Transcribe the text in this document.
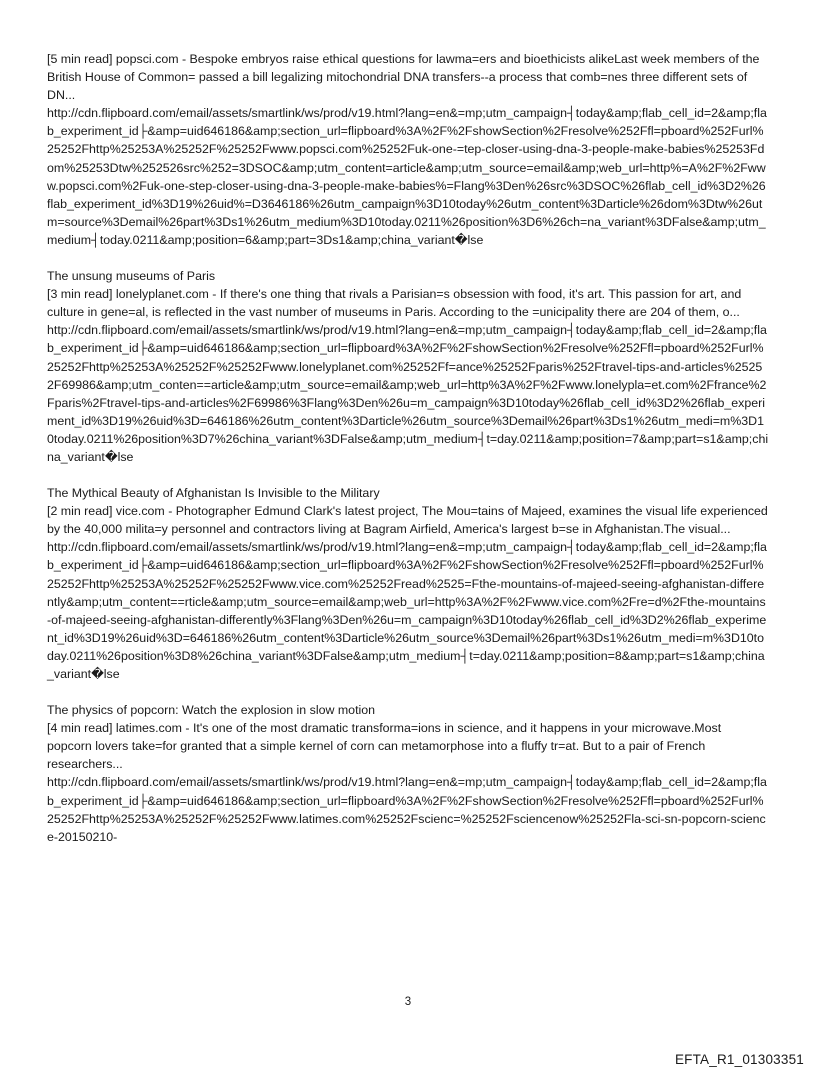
[5 min read] popsci.com - Bespoke embryos raise ethical questions for lawma=ers and bioethicists alikeLast week members of the British House of Common= passed a bill legalizing mitochondrial DNA transfers--a process that comb=nes three different sets of DN...

http://cdn.flipboard.com/email/assets/smartlink/ws/prod/v19.html?lang=en&=mp;utm_campaign┤today&amp;flab_cell_id=2&amp;flab_experiment_id├&amp=uid646186&amp;section_url=flipboard%3A%2F%2FshowSection%2Fresolve%252Ffl=pboard%252Furl%25252Fhttp%25253A%25252F%25252Fwww.popsci.com%25252Fuk-one-=tep-closer-using-dna-3-people-make-babies%25253Fdom%25253Dtw%252526src%252=3DSOC&amp;utm_content=article&amp;utm_source=email&amp;web_url=http%=A%2F%2Fwww.popsci.com%2Fuk-one-step-closer-using-dna-3-people-make-babies%=Flang%3Den%26src%3DSOC%26flab_cell_id%3D2%26flab_experiment_id%3D19%26uid%=D3646186%26utm_campaign%3D10today%26utm_content%3Darticle%26dom%3Dtw%26utm=source%3Demail%26part%3Ds1%26utm_medium%3D10today.0211%26position%3D6%26ch=na_variant%3DFalse&amp;utm_medium┤today.0211&amp;position=6&amp;part=3Ds1&amp;china_variant�lse

The unsung museums of Paris

[3 min read] lonelyplanet.com - If there's one thing that rivals a Parisian=s obsession with food, it's art. This passion for art, and culture in gene=al, is reflected in the vast number of museums in Paris. According to the =unicipality there are 204 of them, o...

http://cdn.flipboard.com/email/assets/smartlink/ws/prod/v19.html?lang=en&=mp;utm_campaign┤today&amp;flab_cell_id=2&amp;flab_experiment_id├&amp=uid646186&amp;section_url=flipboard%3A%2F%2FshowSection%2Fresolve%252Ffl=pboard%252Furl%25252Fhttp%25253A%25252F%25252Fwww.lonelyplanet.com%25252Ff=ance%25252Fparis%252Ftravel-tips-and-articles%25252F69986&amp;utm_conten==article&amp;utm_source=email&amp;web_url=http%3A%2F%2Fwww.lonelypla=et.com%2Ffrance%2Fparis%2Ftravel-tips-and-articles%2F69986%3Flang%3Den%26u=m_campaign%3D10today%26flab_cell_id%3D2%26flab_experiment_id%3D19%26uid%3D=646186%26utm_content%3Darticle%26utm_source%3Demail%26part%3Ds1%26utm_medi=m%3D10today.0211%26position%3D7%26china_variant%3DFalse&amp;utm_medium┤t=day.0211&amp;position=7&amp;part=s1&amp;china_variant�lse

The Mythical Beauty of Afghanistan Is Invisible to the Military

[2 min read] vice.com - Photographer Edmund Clark's latest project, The Mou=tains of Majeed, examines the visual life experienced by the 40,000 milita=y personnel and contractors living at Bagram Airfield, America's largest b=se in Afghanistan.The visual...

http://cdn.flipboard.com/email/assets/smartlink/ws/prod/v19.html?lang=en&=mp;utm_campaign┤today&amp;flab_cell_id=2&amp;flab_experiment_id├&amp=uid646186&amp;section_url=flipboard%3A%2F%2FshowSection%2Fresolve%252Ffl=pboard%252Furl%25252Fhttp%25253A%25252F%25252Fwww.vice.com%25252Fread%2525=Fthe-mountains-of-majeed-seeing-afghanistan-differently&amp;utm_content==rticle&amp;utm_source=email&amp;web_url=http%3A%2F%2Fwww.vice.com%2Fre=d%2Fthe-mountains-of-majeed-seeing-afghanistan-differently%3Flang%3Den%26u=m_campaign%3D10today%26flab_cell_id%3D2%26flab_experiment_id%3D19%26uid%3D=646186%26utm_content%3Darticle%26utm_source%3Demail%26part%3Ds1%26utm_medi=m%3D10today.0211%26position%3D8%26china_variant%3DFalse&amp;utm_medium┤t=day.0211&amp;position=8&amp;part=s1&amp;china_variant�lse

The physics of popcorn: Watch the explosion in slow motion

[4 min read] latimes.com - It's one of the most dramatic transforma=ions in science, and it happens in your microwave.Most popcorn lovers take=for granted that a simple kernel of corn can metamorphose into a fluffy tr=at. But to a pair of French researchers...

http://cdn.flipboard.com/email/assets/smartlink/ws/prod/v19.html?lang=en&=mp;utm_campaign┤today&amp;flab_cell_id=2&amp;flab_experiment_id├&amp=uid646186&amp;section_url=flipboard%3A%2F%2FshowSection%2Fresolve%252Ffl=pboard%252Furl%25252Fhttp%25253A%25252F%25252Fwww.latimes.com%25252Fscienc=%25252Fsciencenow%25252Fla-sci-sn-popcorn-science-20150210-

3
EFTA_R1_01303351
